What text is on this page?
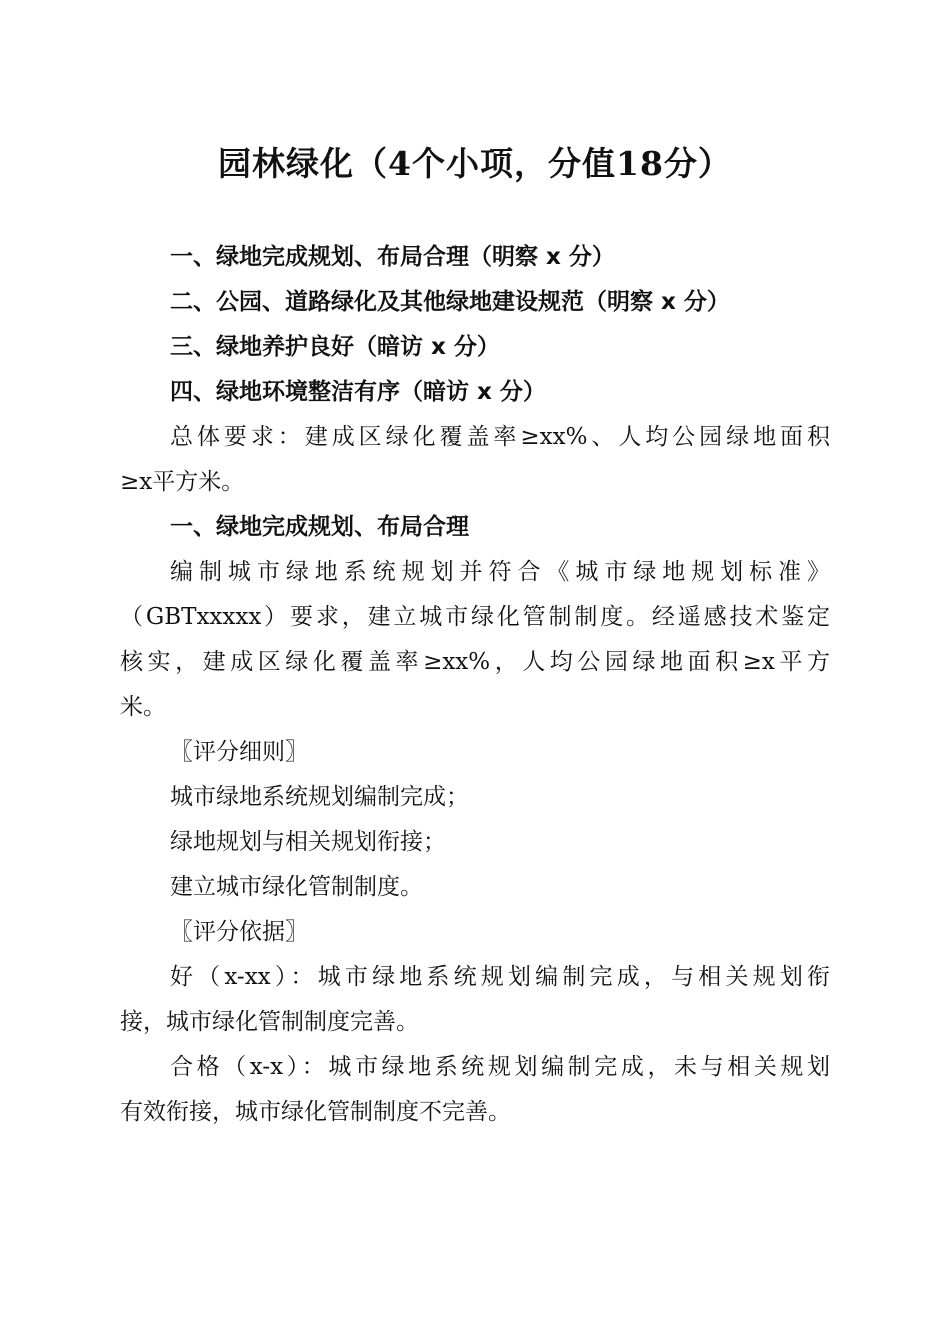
园林绿化（4个小项，分值18分）
一、绿地完成规划、布局合理（明察 x 分）
二、公园、道路绿化及其他绿地建设规范（明察 x 分）
三、绿地养护良好（暗访 x 分）
四、绿地环境整洁有序（暗访 x 分）
总体要求：建成区绿化覆盖率≥xx%、人均公园绿地面积
≥x平方米。
一、绿地完成规划、布局合理
编制城市绿地系统规划并符合《城市绿地规划标准》
（GBTxxxxx）要求，建立城市绿化管制制度。经遥感技术鉴定
核实，建成区绿化覆盖率≥xx%，人均公园绿地面积≥x平方
米。
〖评分细则〗
城市绿地系统规划编制完成；
绿地规划与相关规划衔接；
建立城市绿化管制制度。
〖评分依据〗
好（x-xx）：城市绿地系统规划编制完成，与相关规划衔
接，城市绿化管制制度完善。
合格（x-x）：城市绿地系统规划编制完成，未与相关规划
有效衔接，城市绿化管制制度不完善。
